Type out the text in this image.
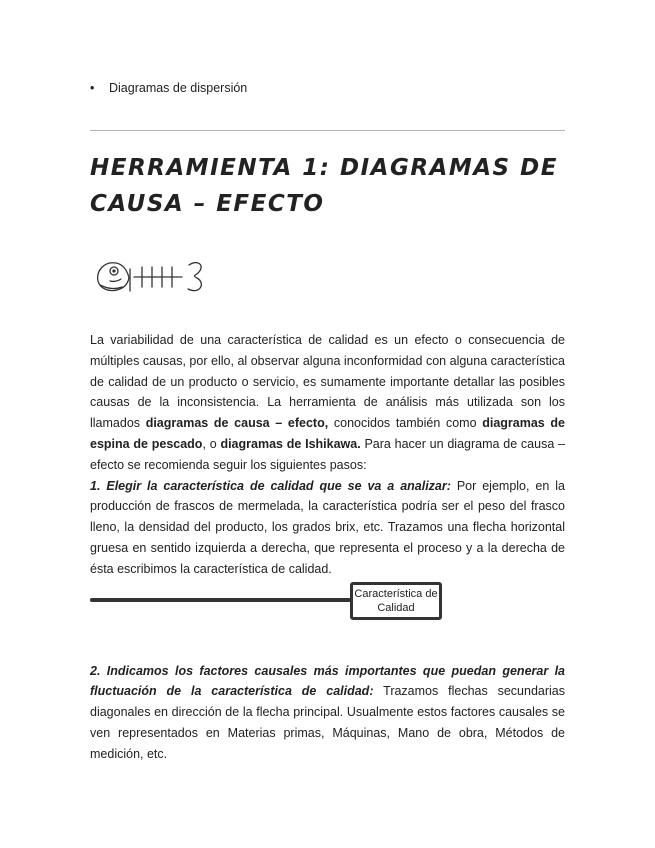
• Diagramas de dispersión
HERRAMIENTA 1: DIAGRAMAS DE CAUSA – EFECTO

La variabilidad de una característica de calidad es un efecto o consecuencia de múltiples causas, por ello, al observar alguna inconformidad con alguna característica de calidad de un producto o servicio, es sumamente importante detallar las posibles causas de la inconsistencia. La herramienta de análisis más utilizada son los llamados diagramas de causa – efecto, conocidos también como diagramas de espina de pescado, o diagramas de Ishikawa. Para hacer un diagrama de causa – efecto se recomienda seguir los siguientes pasos:

1. Elegir la característica de calidad que se va a analizar: Por ejemplo, en la producción de frascos de mermelada, la característica podría ser el peso del frasco lleno, la densidad del producto, los grados brix, etc. Trazamos una flecha horizontal gruesa en sentido izquierda a derecha, que representa el proceso y a la derecha de ésta escribimos la característica de calidad.

Característica de
Calidad

2. Indicamos los factores causales más importantes que puedan generar la fluctuación de la característica de calidad: Trazamos flechas secundarias diagonales en dirección de la flecha principal. Usualmente estos factores causales se ven representados en Materias primas, Máquinas, Mano de obra, Métodos de medición, etc.
